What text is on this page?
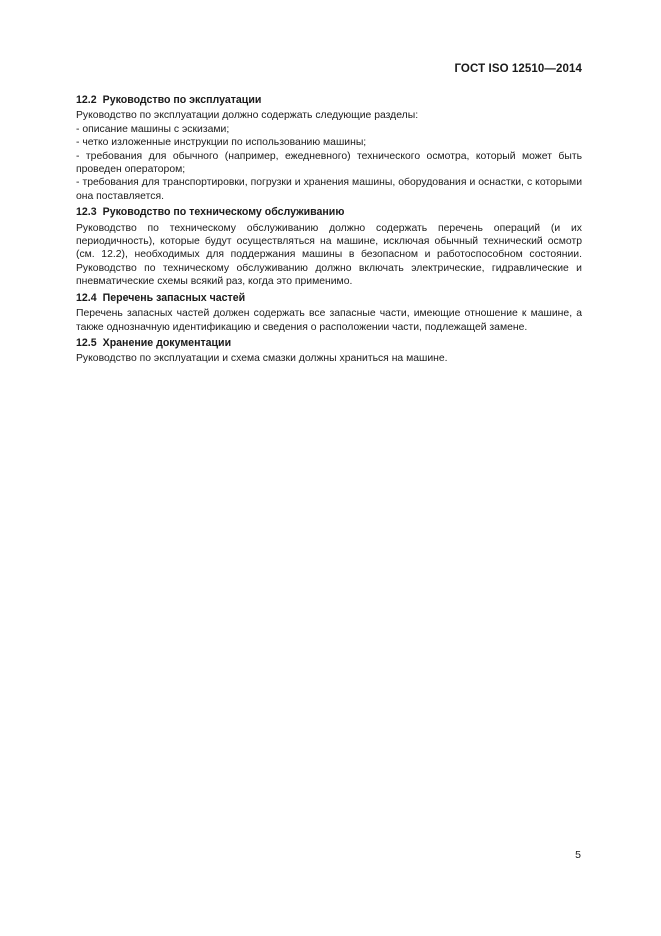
ГОСТ ISO 12510—2014
12.2 Руководство по эксплуатации

Руководство по эксплуатации должно содержать следующие разделы:

- описание машины с эскизами;

- четко изложенные инструкции по использованию машины;

- требования для обычного (например, ежедневного) технического осмотра, который может быть проведен оператором;

- требования для транспортировки, погрузки и хранения машины, оборудования и оснастки, с которыми она поставляется.

12.3 Руководство по техническому обслуживанию

Руководство по техническому обслуживанию должно содержать перечень операций (и их периодичность), которые будут осуществляться на машине, исключая обычный технический осмотр (см. 12.2), необходимых для поддержания машины в безопасном и работоспособном состоянии. Руководство по техническому обслуживанию должно включать электрические, гидравлические и пневматические схемы всякий раз, когда это применимо.

12.4 Перечень запасных частей

Перечень запасных частей должен содержать все запасные части, имеющие отношение к машине, а также однозначную идентификацию и сведения о расположении части, подлежащей замене.

12.5 Хранение документации

Руководство по эксплуатации и схема смазки должны храниться на машине.

5
